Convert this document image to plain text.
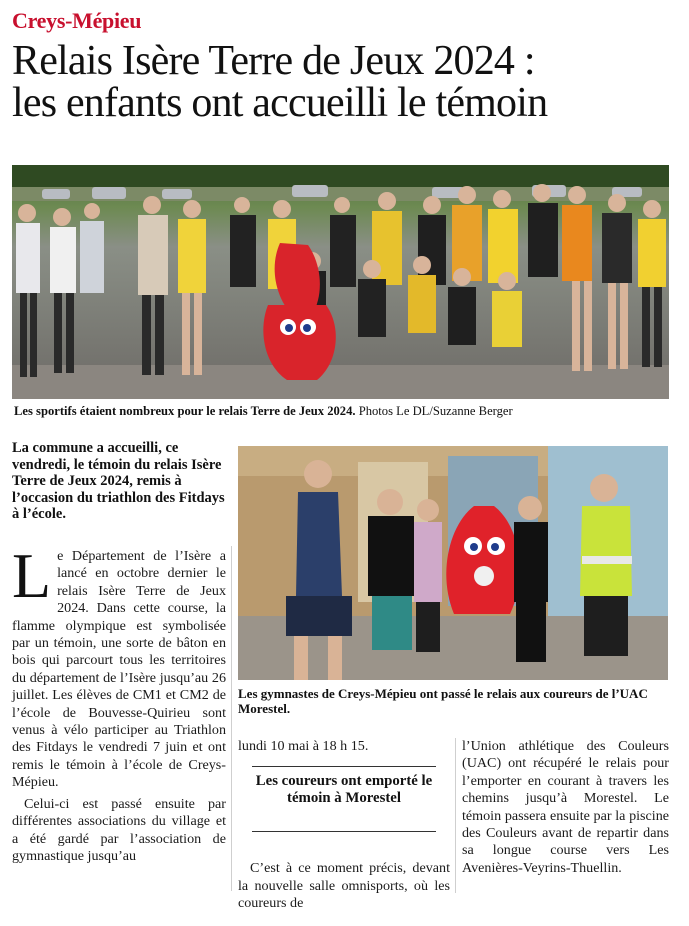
Creys-Mépieu
Relais Isère Terre de Jeux 2024 :
les enfants ont accueilli le témoin
Les sportifs étaient nombreux pour le relais Terre de Jeux 2024. Photos Le DL/Suzanne Berger
La commune a accueilli, ce vendredi, le témoin du relais Isère Terre de Jeux 2024, remis à l’occasion du triathlon des Fitdays à l’école.
Les gymnastes de Creys-Mépieu ont passé le relais aux coureurs de l’UAC Morestel.

Le Département de l’Isère a lancé en octobre dernier le relais Isère Terre de Jeux 2024. Dans cette course, la flamme olympique est symbolisée par un témoin, une sorte de bâton en bois qui parcourt tous les territoires du département de l’Isère jusqu’au 26 juillet. Les élèves de CM1 et CM2 de l’école de Bouvesse-Quirieu sont venus à vélo participer au Triathlon des Fitdays le vendredi 7 juin et ont remis le témoin à l’école de Creys-Mépieu.

Celui-ci est passé ensuite par différentes associations du village et a été gardé par l’association de gymnastique jusqu’au

lundi 10 mai à 18 h 15.

Les coureurs ont emporté le témoin à Morestel

C’est à ce moment précis, devant la nouvelle salle omnisports, où les coureurs de

l’Union athlétique des Couleurs (UAC) ont récupéré le relais pour l’emporter en courant à travers les chemins jusqu’à Morestel. Le témoin passera ensuite par la piscine des Couleurs avant de repartir dans sa longue course vers Les Avenières-Veyrins-Thuellin.
